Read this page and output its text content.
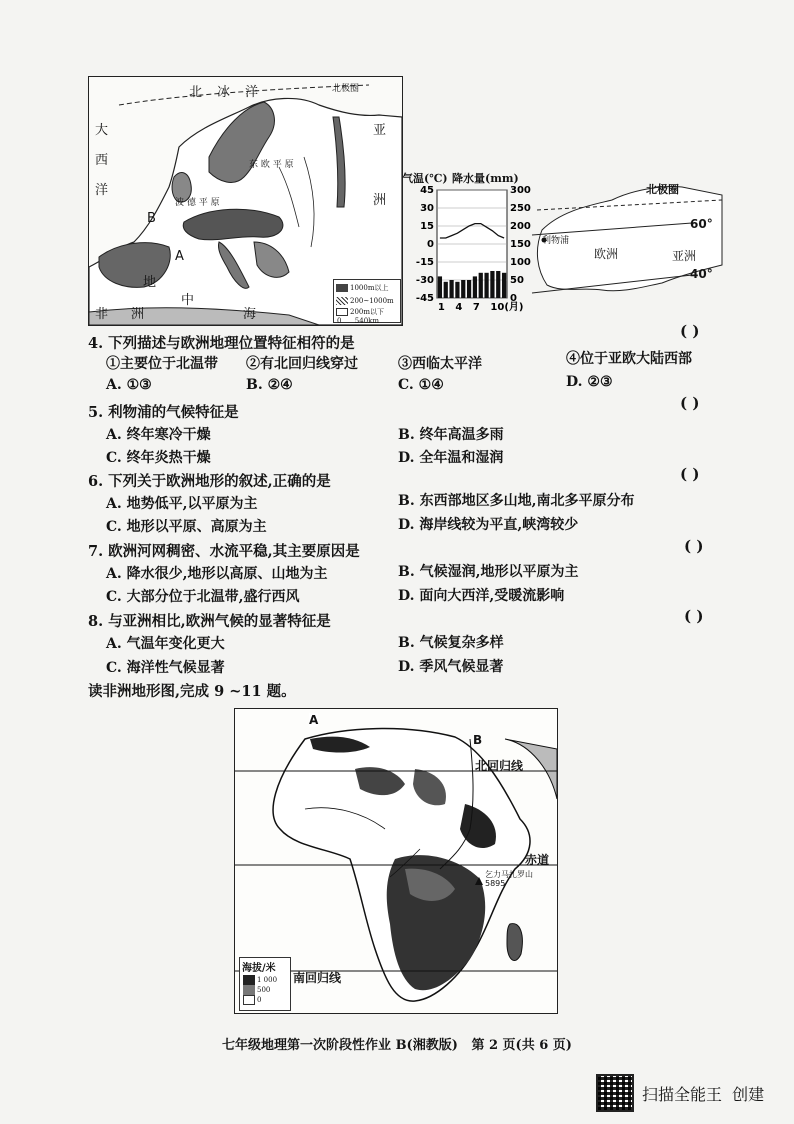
北 冰 洋
大
西
洋
亚
洲
非 洲
地
中
海
A
B
北极圈
东 欧 平 原
波 德 平 原
1000m以上
200~1000m
200m以下
0      540km
气温(℃) 降水量(mm)
45	300
30	250
15	200
0	150
-15	100
-30	50
-45	0
1 4 7 10(月)
北极圈
60°
40°
利物浦
欧洲	亚洲
4. 下列描述与欧洲地理位置特征相符的是
( )
①主要位于北温带 ②有北回归线穿过	③西临太平洋	④位于亚欧大陆西部
A. ①③	B. ②④	C. ①④	D. ②③
5. 利物浦的气候特征是
( )
A. 终年寒冷干燥	B. 终年高温多雨
C. 终年炎热干燥	D. 全年温和湿润
6. 下列关于欧洲地形的叙述,正确的是	( )
A. 地势低平,以平原为主	B. 东西部地区多山地,南北多平原分布
C. 地形以平原、高原为主	D. 海岸线较为平直,峡湾较少
7. 欧洲河网稠密、水流平稳,其主要原因是	( )
A. 降水很少,地形以高原、山地为主	B. 气候湿润,地形以平原为主
C. 大部分位于北温带,盛行西风	D. 面向大西洋,受暖流影响
8. 与亚洲相比,欧洲气候的显著特征是	( )
A. 气温年变化更大	B. 气候复杂多样
C. 海洋性气候显著	D. 季风气候显著
读非洲地形图,完成 9 ~11 题。
A
B
北回归线
赤道
乞力马扎罗山
5895
南回归线
海拔/米
1 000
500
0
七年级地理第一次阶段性作业 B(湘教版)   第 2 页(共 6 页)
扫描全能王  创建
